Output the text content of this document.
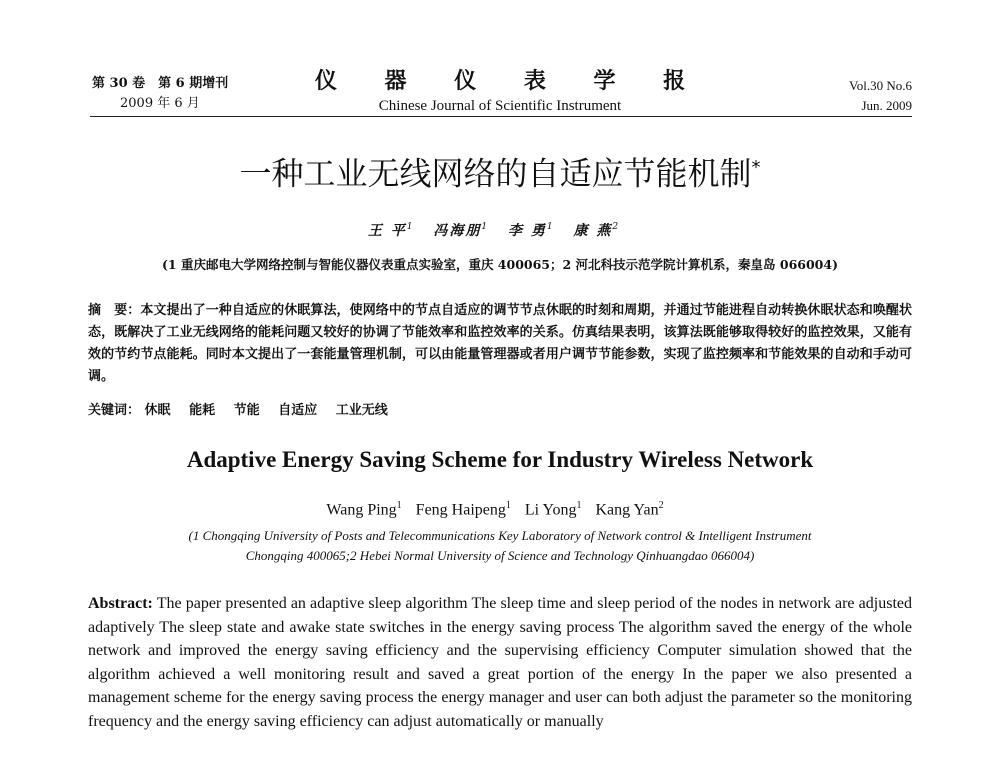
第 30 卷　第 6 期增刊
2009 年 6 月
仪 器 仪 表 学 报
Chinese Journal of Scientific Instrument
Vol.30 No.6
Jun. 2009
一种工业无线网络的自适应节能机制*
王 平$^1$ 冯海朋$^1$ 李 勇$^1$ 康 燕$^2$
(1 重庆邮电大学网络控制与智能仪器仪表重点实验室，重庆 400065；2 河北科技示范学院计算机系，秦皇岛 066004)
摘　要：本文提出了一种自适应的休眠算法，使网络中的节点自适应的调节节点休眠的时刻和周期，并通过节能进程自动转换休眠状态和唤醒状态，既解决了工业无线网络的能耗问题又较好的协调了节能效率和监控效率的关系。仿真结果表明，该算法既能够取得较好的监控效果，又能有效的节约节点能耗。同时本文提出了一套能量管理机制，可以由能量管理器或者用户调节节能参数，实现了监控频率和节能效果的自动和手动可调。
关键词： 休眠 能耗 节能 自适应 工业无线
Adaptive Energy Saving Scheme for Industry Wireless Network
Wang Ping$^1$ Feng Haipeng$^1$ Li Yong$^1$ Kang Yan$^2$
(1 Chongqing University of Posts and Telecommunications Key Laboratory of Network control & Intelligent Instrument
Chongqing 400065;2 Hebei Normal University of Science and Technology Qinhuangdao 066004)
Abstract: The paper presented an adaptive sleep algorithm The sleep time and sleep period of the nodes in network are adjusted adaptively The sleep state and awake state switches in the energy saving process The algorithm saved the energy of the whole network and improved the energy saving efficiency and the supervising efficiency Computer simulation showed that the algorithm achieved a well monitoring result and saved a great portion of the energy In the paper we also presented a management scheme for the energy saving process the energy manager and user can both adjust the parameter so the monitoring frequency and the energy saving efficiency can adjust automatically or manually
